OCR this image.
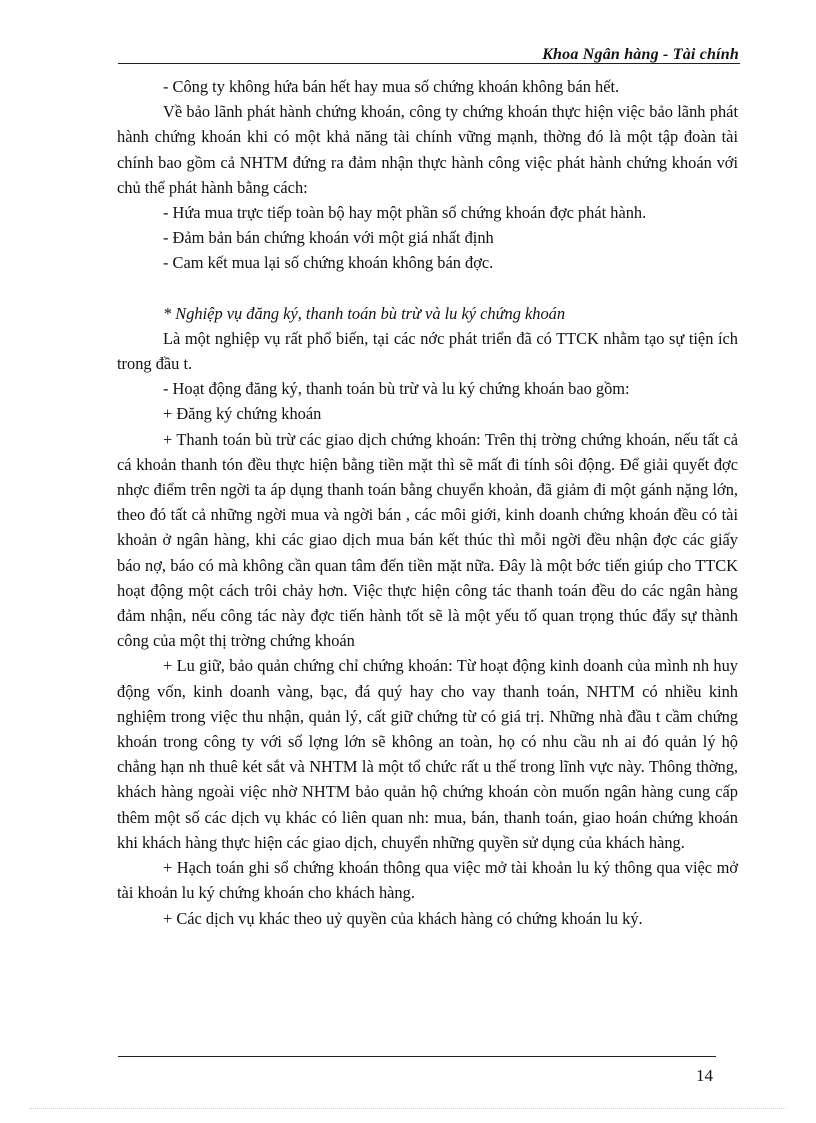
Khoa Ngân hàng - Tài chính

- Công ty không hứa bán hết hay mua số chứng khoán không bán hết.

Về bảo lãnh phát hành chứng khoán, công ty chứng khoán thực hiện việc bảo lãnh phát hành chứng khoán khi có một khả năng tài chính vững mạnh, thờng đó là một tập đoàn tài chính bao gồm cả NHTM đứng ra đảm nhận thực hành công việc phát hành chứng khoán với chủ thể phát hành bằng cách:

- Hứa mua trực tiếp toàn bộ hay một phần số chứng khoán đợc phát hành.

- Đảm bản bán chứng khoán với một giá nhất định

- Cam kết mua lại số chứng khoán không bán đợc.

* Nghiệp vụ đăng ký, thanh toán bù trừ và lu ký chứng khoán

Là một nghiệp vụ rất phổ biến, tại các nớc phát triển đã có TTCK nhằm tạo sự tiện ích trong đầu t.

- Hoạt động đăng ký, thanh toán bù trừ và lu ký chứng khoán bao gồm:

+ Đăng ký chứng khoán

+ Thanh toán bù trừ các giao dịch chứng khoán: Trên thị trờng chứng khoán, nếu tất cả cá khoản thanh tón đều thực hiện bằng tiền mặt thì sẽ mất đi tính sôi động. Để giải quyết đợc nhợc điểm trên ngời ta áp dụng thanh toán bằng chuyển khoản, đã giảm đi một gánh nặng lớn, theo đó tất cả những ngời mua và ngời bán , các môi giới, kinh doanh chứng khoán đều có tài khoản ở ngân hàng, khi các giao dịch mua bán kết thúc thì mỗi ngời đều nhận đợc các giấy báo nợ, báo có mà không cần quan tâm đến tiền mặt nữa. Đây là một bớc tiến giúp cho TTCK hoạt động một cách trôi chảy hơn. Việc thực hiện công tác thanh toán đều do các ngân hàng đảm nhận, nếu công tác này đợc tiến hành tốt sẽ là một yếu tố quan trọng thúc đẩy sự thành công của một thị trờng chứng khoán

+ Lu giữ, bảo quản chứng chỉ chứng khoán: Từ hoạt động kinh doanh của mình nh huy động vốn, kinh doanh vàng, bạc, đá quý hay cho vay thanh toán, NHTM có nhiều kinh nghiệm trong việc thu nhận, quản lý, cất giữ chứng từ có giá trị. Những nhà đầu t cầm chứng khoán trong công ty với số lợng lớn sẽ không an toàn, họ có nhu cầu nh ai đó quản lý hộ chẳng hạn nh thuê két sắt và NHTM là một tổ chức rất u thế trong lĩnh vực này. Thông thờng, khách hàng ngoài việc nhờ NHTM bảo quản hộ chứng khoán còn muốn ngân hàng cung cấp thêm một số các dịch vụ khác có liên quan nh: mua, bán, thanh toán, giao hoán chứng khoán khi khách hàng thực hiện các giao dịch, chuyển những quyền sử dụng của khách hàng.

+ Hạch toán ghi sổ chứng khoán thông qua việc mở tài khoản lu ký thông qua việc mở tài khoản lu ký chứng khoán cho khách hàng.

+ Các dịch vụ khác theo uỷ quyền của khách hàng có chứng khoán lu ký.

14
